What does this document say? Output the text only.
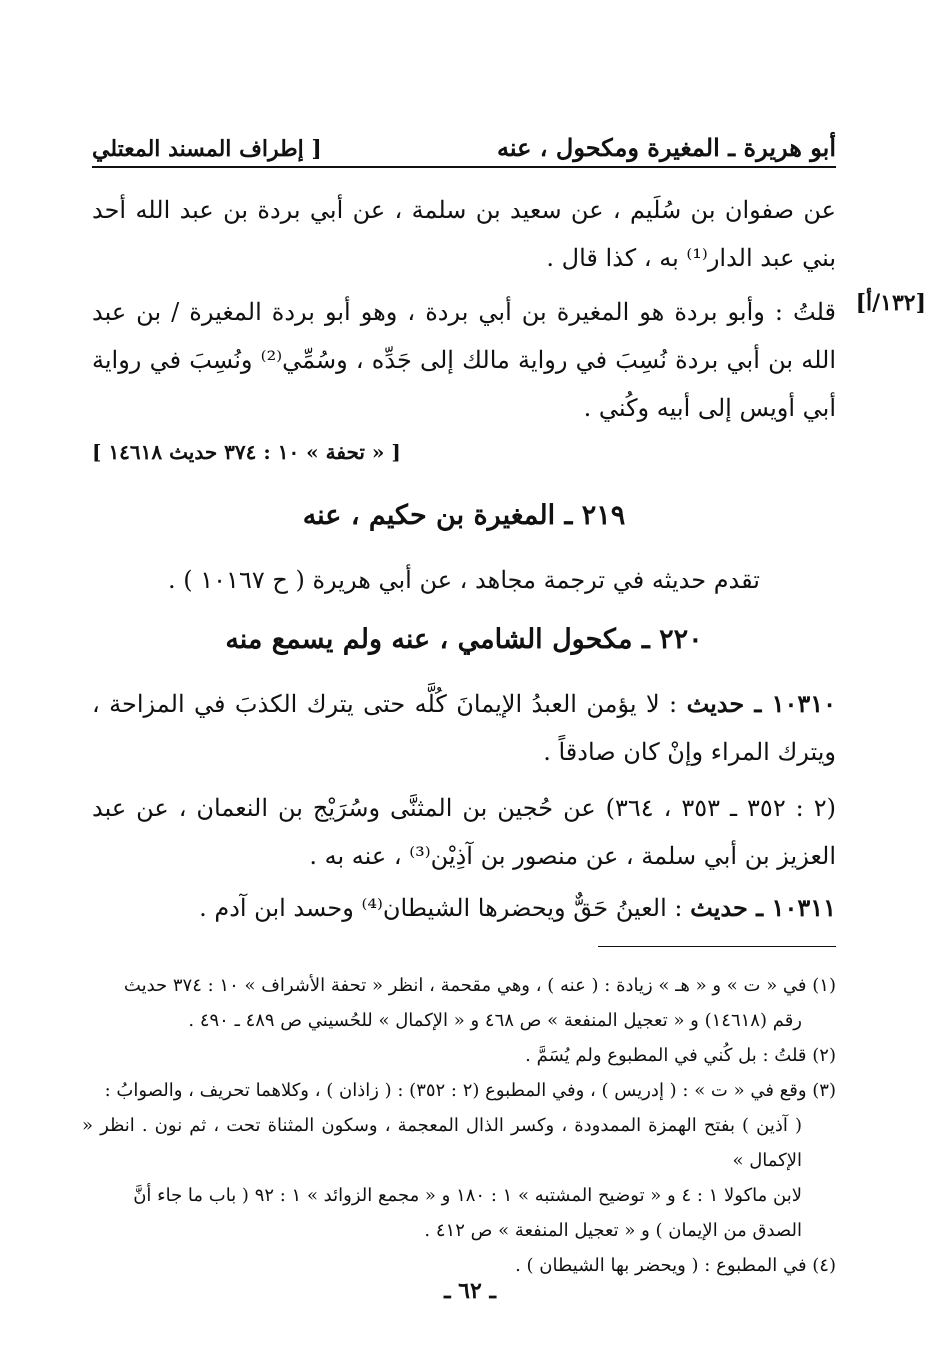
[ إطراف المسند المعتلي	أبو هريرة ـ المغيرة ومكحول ، عنه
عن صفوان بن سُلَيم ، عن سعيد بن سلمة ، عن أبي بردة بن عبد الله أحد بني عبد الدار⁽¹⁾ به ، كذا قال .
[١٣٢/أ]
قلتُ : وأبو بردة هو المغيرة بن أبي بردة ، وهو أبو بردة المغيرة / بن عبد الله بن أبي بردة نُسِبَ في رواية مالك إلى جَدِّه ، وسُمِّي⁽²⁾ ونُسِبَ في رواية أبي أويس إلى أبيه وكُني .
[ « تحفة » ١٠ : ٣٧٤ حديث ١٤٦١٨ ]
٢١٩ ـ المغيرة بن حكيم ، عنه
تقدم حديثه في ترجمة مجاهد ، عن أبي هريرة ( ح ١٠١٦٧ ) .
٢٢٠ ـ مكحول الشامي ، عنه ولم يسمع منه
١٠٣١٠ ـ حديث : لا يؤمن العبدُ الإيمانَ كُلَّه حتى يترك الكذبَ في المزاحة ، ويترك المراء وإنْ كان صادقاً .
(٢ : ٣٥٢ ـ ٣٥٣ ، ٣٦٤) عن حُجين بن المثنَّى وسُرَيْج بن النعمان ، عن عبد العزيز بن أبي سلمة ، عن منصور بن آذِيْن⁽³⁾ ، عنه به .
١٠٣١١ ـ حديث : العينُ حَقٌّ ويحضرها الشيطان⁽⁴⁾ وحسد ابن آدم .

(١) في « ت » و « هـ » زيادة : ( عنه ) ، وهي مقحمة ، انظر « تحفة الأشراف » ١٠ : ٣٧٤ حديث

رقم (١٤٦١٨) و « تعجيل المنفعة » ص ٤٦٨ و « الإكمال » للحُسيني ص ٤٨٩ ـ ٤٩٠ .

(٢) قلتُ : بل كُني في المطبوع ولم يُسَمَّ .

(٣) وقع في « ت » : ( إدريس ) ، وفي المطبوع (٢ : ٣٥٢) : ( زاذان ) ، وكلاهما تحريف ، والصوابُ :

( آذين ) بفتح الهمزة الممدودة ، وكسر الذال المعجمة ، وسكون المثناة تحت ، ثم نون . انظر « الإكمال »

لابن ماكولا ١ : ٤ و « توضيح المشتبه » ١ : ١٨٠ و « مجمع الزوائد » ١ : ٩٢ ( باب ما جاء أنَّ

الصدق من الإيمان ) و « تعجيل المنفعة » ص ٤١٢ .

(٤) في المطبوع : ( ويحضر بها الشيطان ) .

ـ ٦٢ ـ
